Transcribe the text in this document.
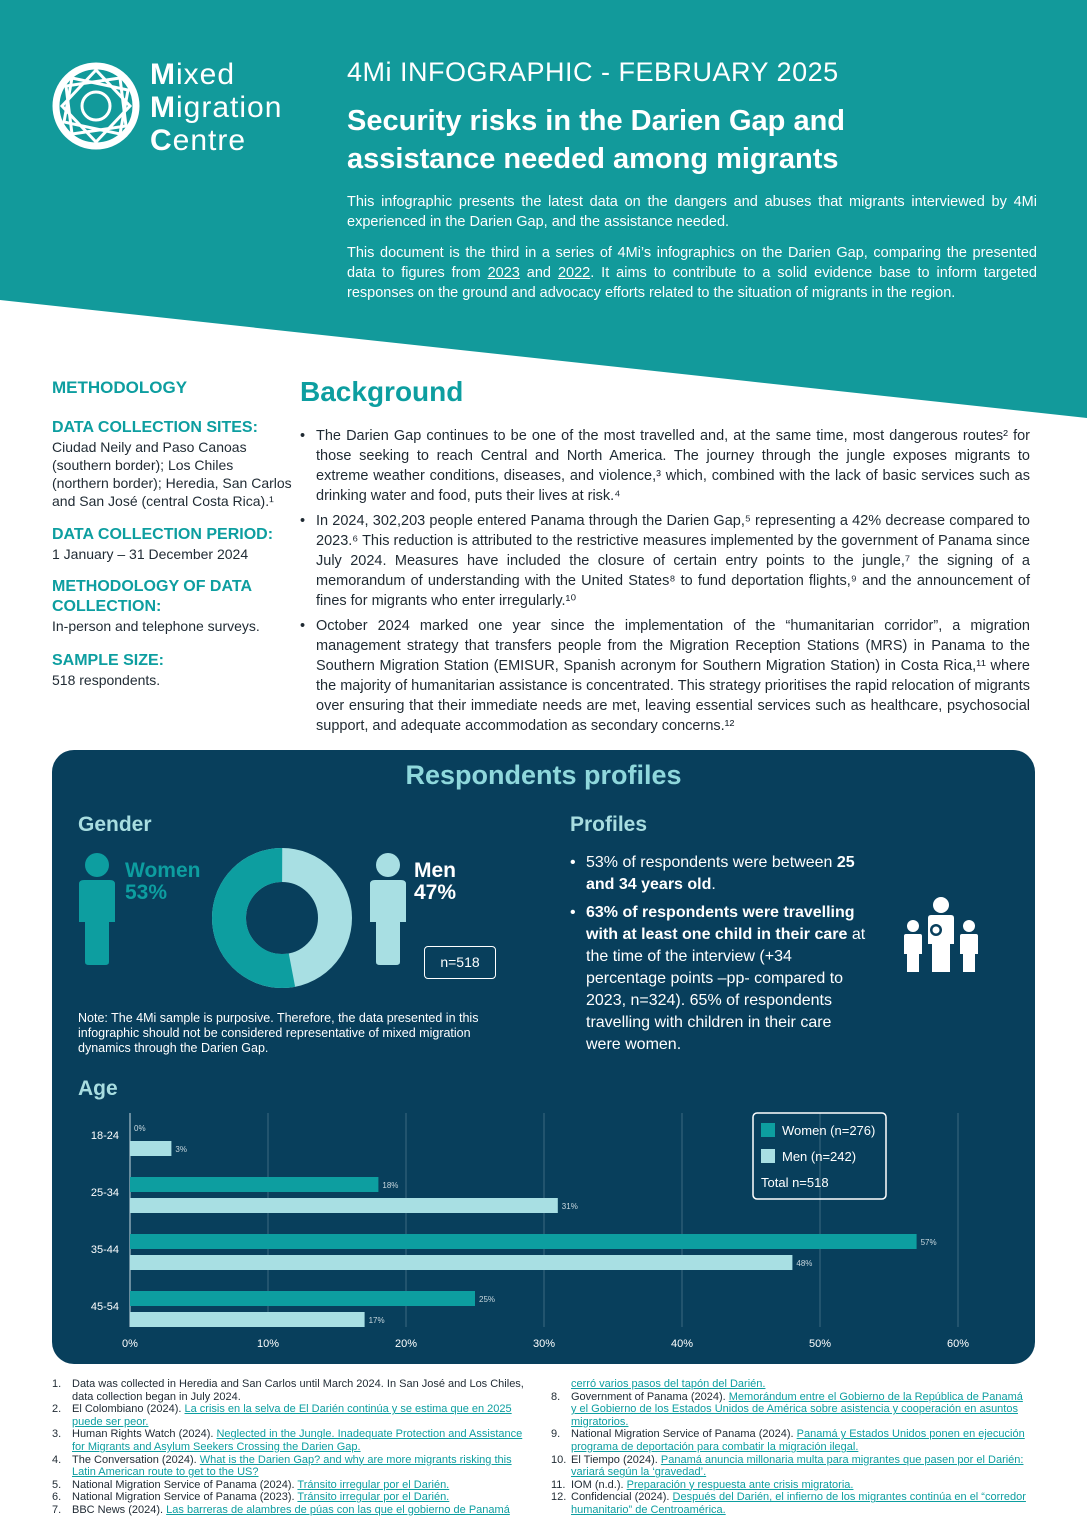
Mixed
Migration
Centre
4Mi INFOGRAPHIC - FEBRUARY 2025
Security risks in the Darien Gap and
assistance needed among migrants

This infographic presents the latest data on the dangers and abuses that migrants interviewed by 4Mi experienced in the Darien Gap, and the assistance needed.

This document is the third in a series of 4Mi’s infographics on the Darien Gap, comparing the presented data to figures from 2023 and 2022. It aims to contribute to a solid evidence base to inform targeted responses on the ground and advocacy efforts related to the situation of migrants in the region.

METHODOLOGY
DATA COLLECTION SITES:
Ciudad Neily and Paso Canoas (southern border); Los Chiles (northern border); Heredia, San Carlos and San José (central Costa Rica).¹
DATA COLLECTION PERIOD:
1 January – 31 December 2024
METHODOLOGY OF DATA COLLECTION:
In-person and telephone surveys.
SAMPLE SIZE:
518 respondents.
Background
• The Darien Gap continues to be one of the most travelled and, at the same time, most dangerous routes² for those seeking to reach Central and North America. The journey through the jungle exposes migrants to extreme weather conditions, diseases, and violence,³ which, combined with the lack of basic services such as drinking water and food, puts their lives at risk.⁴
• In 2024, 302,203 people entered Panama through the Darien Gap,⁵ representing a 42% decrease compared to 2023.⁶ This reduction is attributed to the restrictive measures implemented by the government of Panama since July 2024. Measures have included the closure of certain entry points to the jungle,⁷ the signing of a memorandum of understanding with the United States⁸ to fund deportation flights,⁹ and the announcement of fines for migrants who enter irregularly.¹⁰
• October 2024 marked one year since the implementation of the “humanitarian corridor”, a migration management strategy that transfers people from the Migration Reception Stations (MRS) in Panama to the Southern Migration Station (EMISUR, Spanish acronym for Southern Migration Station) in Costa Rica,¹¹ where the majority of humanitarian assistance is concentrated. This strategy prioritises the rapid relocation of migrants over ensuring that their immediate needs are met, leaving essential services such as healthcare, psychosocial support, and adequate accommodation as secondary concerns.¹²
Respondents profiles
Gender
Women
53%
Men
47%
n=518
Note: The 4Mi sample is purposive. Therefore, the data presented in this infographic should not be considered representative of mixed migration dynamics through the Darien Gap.
Profiles
• 53% of respondents were between 25 and 34 years old.
• 63% of respondents were travelling with at least one child in their care at the time of the interview (+34 percentage points –pp- compared to 2023, n=324). 65% of respondents travelling with children in their care were women.
Age
0%
3%
18%
31%
57%
48%
25%
17%
18-24
25-34
35-44
45-54
0%	10%	20%	30%	40%	50%	60%
Women (n=276)
Men (n=242)
Total n=518
1. Data was collected in Heredia and San Carlos until March 2024. In San José and Los Chiles, data collection began in July 2024.
2. El Colombiano (2024). La crisis en la selva de El Darién continúa y se estima que en 2025 puede ser peor.
3. Human Rights Watch (2024). Neglected in the Jungle. Inadequate Protection and Assistance for Migrants and Asylum Seekers Crossing the Darien Gap.
4. The Conversation (2024). What is the Darien Gap? and why are more migrants risking this Latin American route to get to the US?
5. National Migration Service of Panama (2024). Tránsito irregular por el Darién.
6. National Migration Service of Panama (2023). Tránsito irregular por el Darién.
7. BBC News (2024). Las barreras de alambres de púas con las que el gobierno de Panamá
cerró varios pasos del tapón del Darién.
8. Government of Panama (2024). Memorándum entre el Gobierno de la República de Panamá y el Gobierno de los Estados Unidos de América sobre asistencia y cooperación en asuntos migratorios.
9. National Migration Service of Panama (2024). Panamá y Estados Unidos ponen en ejecución programa de deportación para combatir la migración ilegal.
10. El Tiempo (2024). Panamá anuncia millonaria multa para migrantes que pasen por el Darién: variará según la ‘gravedad’.
11. IOM (n.d.). Preparación y respuesta ante crisis migratoria.
12. Confidencial (2024). Después del Darién, el infierno de los migrantes continúa en el “corredor humanitario” de Centroamérica.
